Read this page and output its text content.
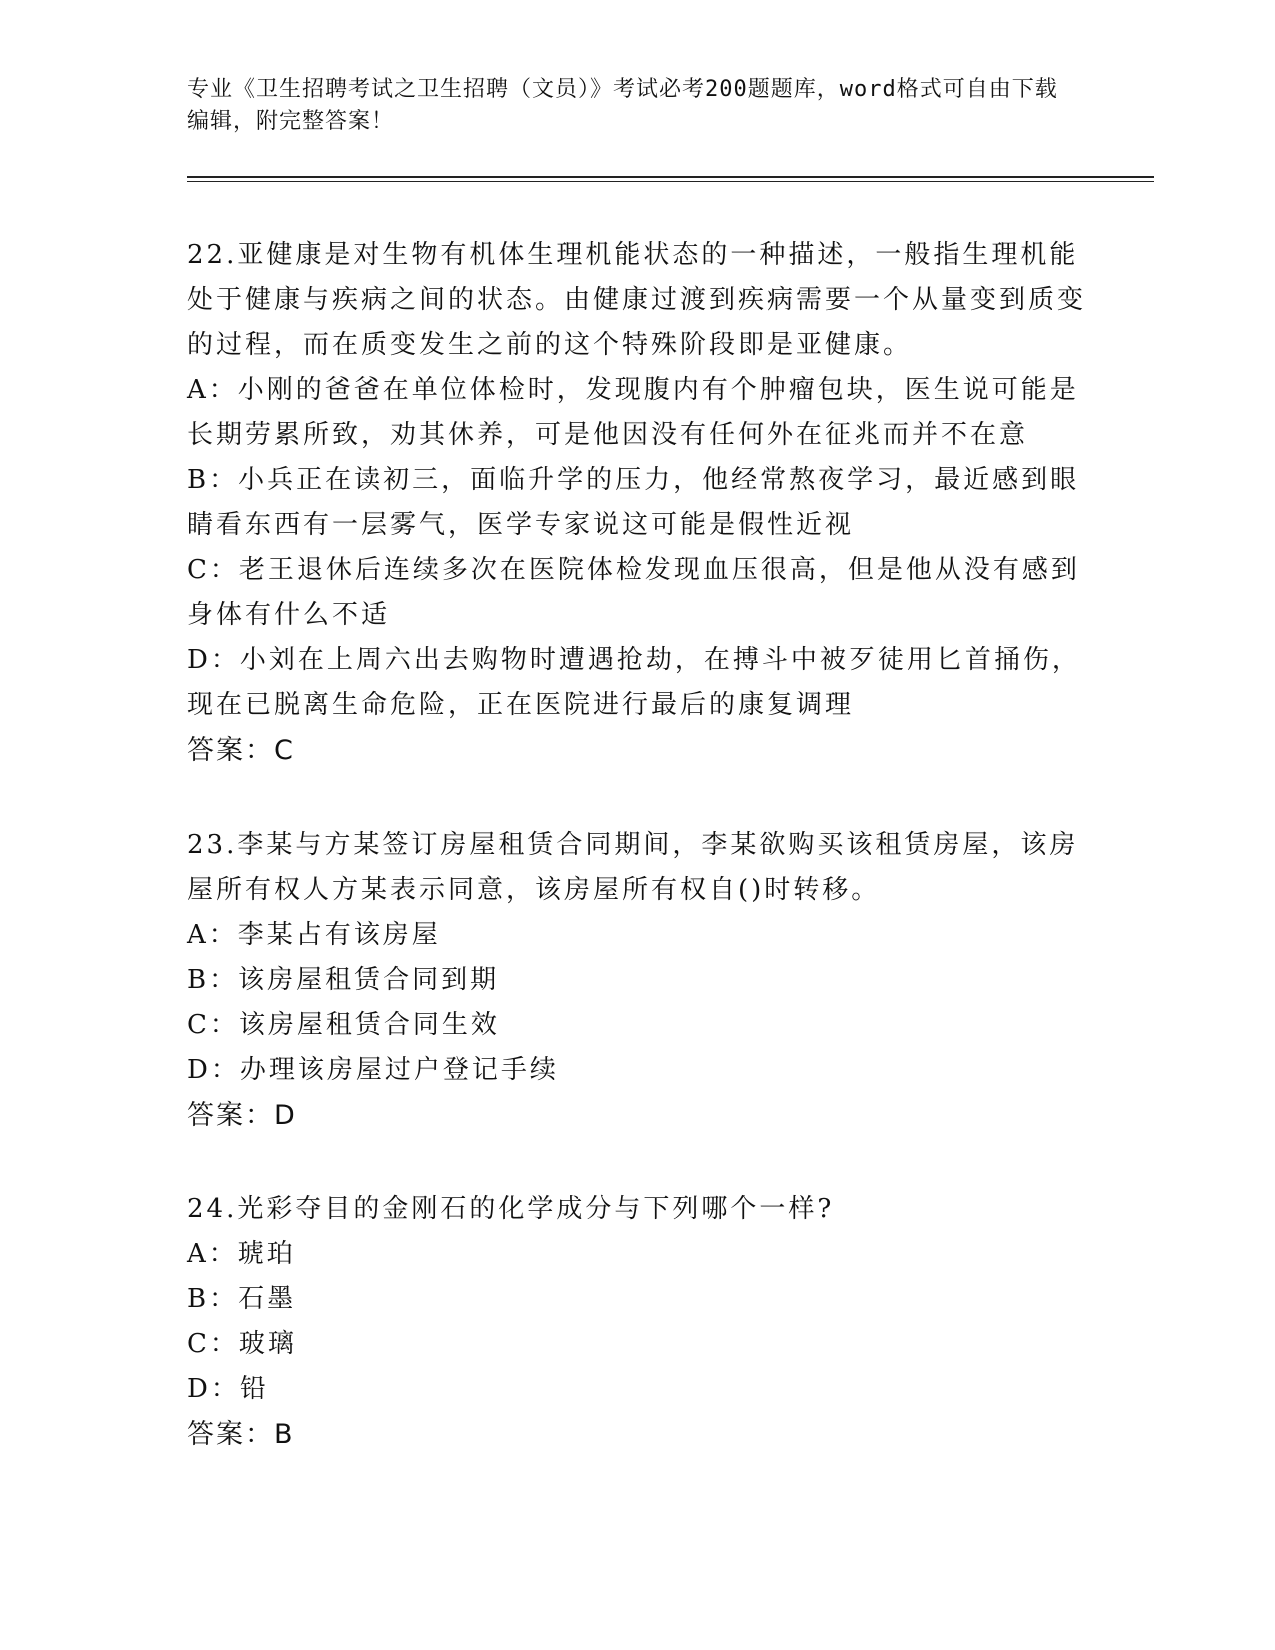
专业《卫生招聘考试之卫生招聘（文员）》考试必考200题题库，word格式可自由下载编辑，附完整答案！

22.亚健康是对生物有机体生理机能状态的一种描述，一般指生理机能处于健康与疾病之间的状态。由健康过渡到疾病需要一个从量变到质变的过程，而在质变发生之前的这个特殊阶段即是亚健康。

A：小刚的爸爸在单位体检时，发现腹内有个肿瘤包块，医生说可能是长期劳累所致，劝其休养，可是他因没有任何外在征兆而并不在意

B：小兵正在读初三，面临升学的压力，他经常熬夜学习，最近感到眼睛看东西有一层雾气，医学专家说这可能是假性近视

C：老王退休后连续多次在医院体检发现血压很高，但是他从没有感到身体有什么不适

D：小刘在上周六出去购物时遭遇抢劫，在搏斗中被歹徒用匕首捅伤，现在已脱离生命危险，正在医院进行最后的康复调理

答案：C

23.李某与方某签订房屋租赁合同期间，李某欲购买该租赁房屋，该房屋所有权人方某表示同意，该房屋所有权自()时转移。

A：李某占有该房屋

B：该房屋租赁合同到期

C：该房屋租赁合同生效

D：办理该房屋过户登记手续

答案：D

24.光彩夺目的金刚石的化学成分与下列哪个一样?

A：琥珀

B：石墨

C：玻璃

D：铅

答案：B
